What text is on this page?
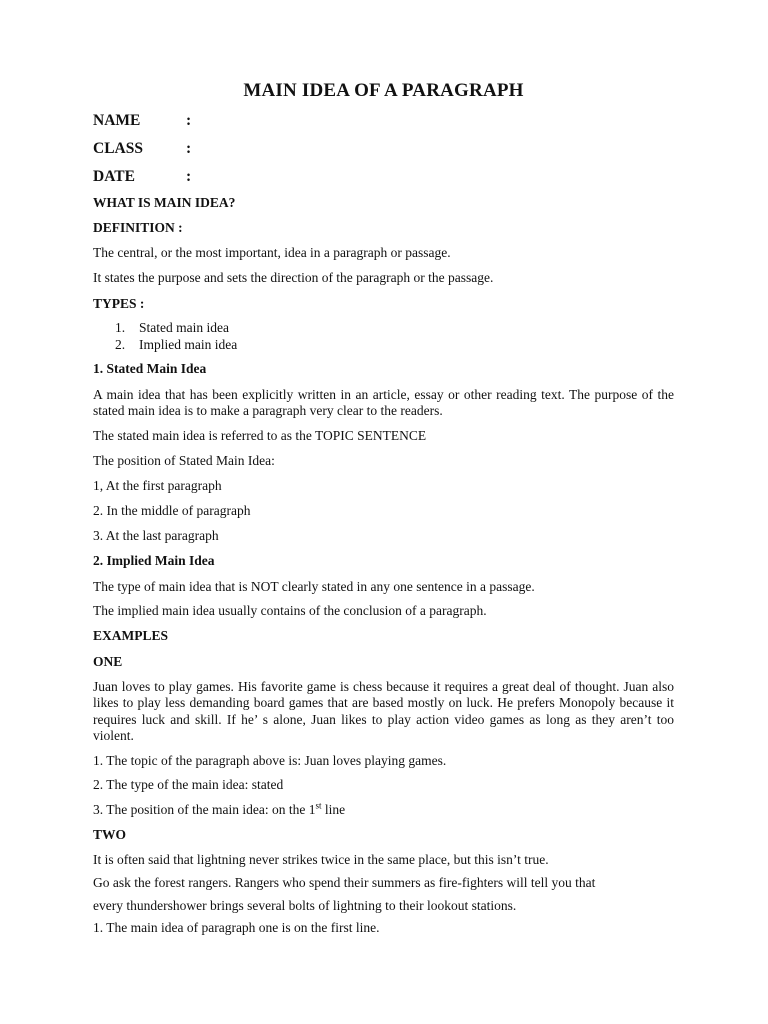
MAIN IDEA OF A PARAGRAPH
NAME	:
CLASS	:
DATE	:
WHAT IS MAIN IDEA?
DEFINITION :
The central, or the most important, idea in a paragraph or passage.
It states the purpose and sets the direction of the paragraph or the passage.
TYPES :
1. Stated main idea
2. Implied main idea
1. Stated Main Idea
A main idea that has been explicitly written in an article, essay or other reading text. The purpose of the stated main idea is to make a paragraph very clear to the readers.
The stated main idea is referred to as the TOPIC SENTENCE
The position of Stated Main Idea:
1, At the first paragraph
2. In the middle of paragraph
3. At the last paragraph
2. Implied Main Idea
The type of main idea that is NOT clearly stated in any one sentence in a passage.
The implied main idea usually contains of the conclusion of a paragraph.
EXAMPLES
ONE
Juan loves to play games. His favorite game is chess because it requires a great deal of thought. Juan also likes to play less demanding board games that are based mostly on luck. He prefers Monopoly because it requires luck and skill. If he’ s alone, Juan likes to play action video games as long as they aren’t too violent.
1. The topic of the paragraph above is: Juan loves playing games.
2. The type of the main idea: stated
3. The position of the main idea: on the 1st line
TWO
It is often said that lightning never strikes twice in the same place, but this isn’t true.
Go ask the forest rangers. Rangers who spend their summers as fire-fighters will tell you that
every thundershower brings several bolts of lightning to their lookout stations.
1. The main idea of paragraph one is on the first line.
